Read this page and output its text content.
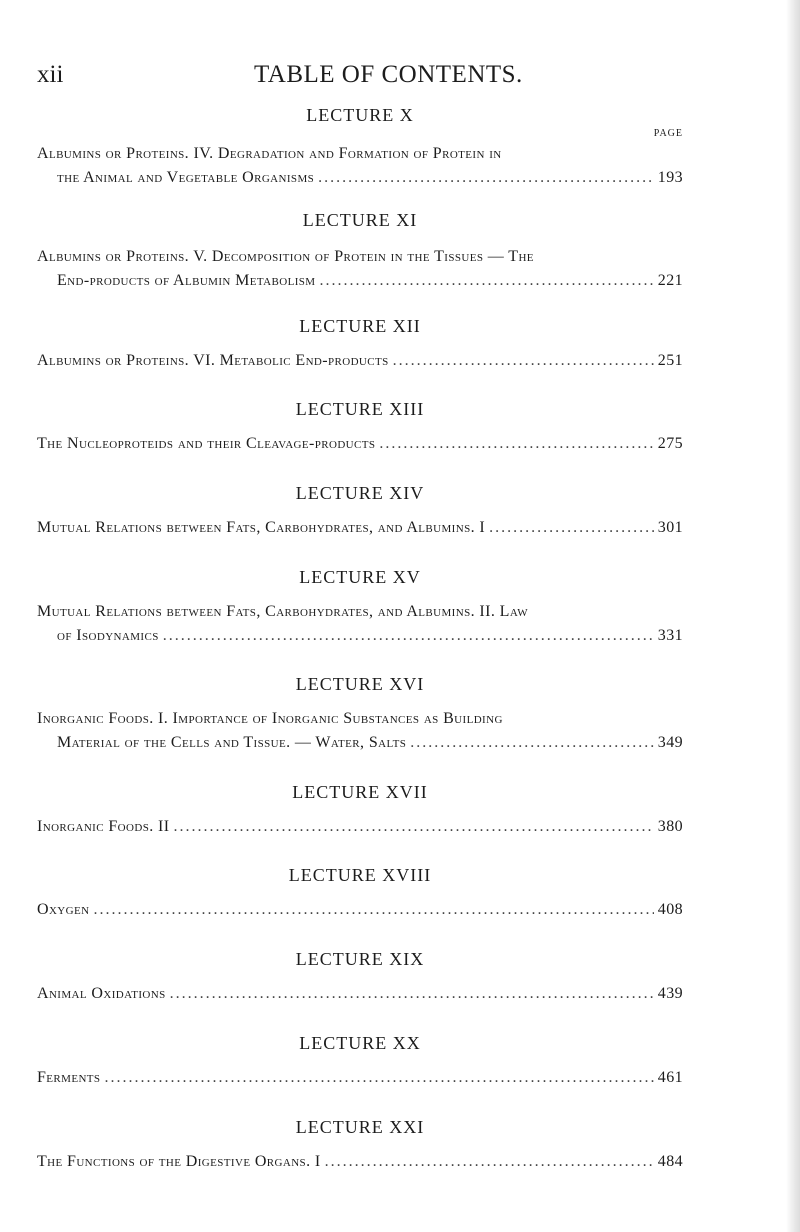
xii	TABLE OF CONTENTS.
LECTURE X
PAGE
Albumins or Proteins. IV. Degradation and Formation of Protein in
the Animal and Vegetable Organisms .....	193
LECTURE XI
Albumins or Proteins. V. Decomposition of Protein in the Tissues — The
End-products of Albumin Metabolism .....	221
LECTURE XII
Albumins or Proteins. VI. Metabolic End-products .....	251
LECTURE XIII
The Nucleoproteids and their Cleavage-products .....	275
LECTURE XIV
Mutual Relations between Fats, Carbohydrates, and Albumins. I .....	301
LECTURE XV
Mutual Relations between Fats, Carbohydrates, and Albumins. II. Law
of Isodynamics .....	331
LECTURE XVI
Inorganic Foods. I. Importance of Inorganic Substances as Building
Material of the Cells and Tissue. — Water, Salts .....	349
LECTURE XVII
Inorganic Foods. II .....	380
LECTURE XVIII
Oxygen .....	408
LECTURE XIX
Animal Oxidations .....	439
LECTURE XX
Ferments .....	461
LECTURE XXI
The Functions of the Digestive Organs. I .....	484
